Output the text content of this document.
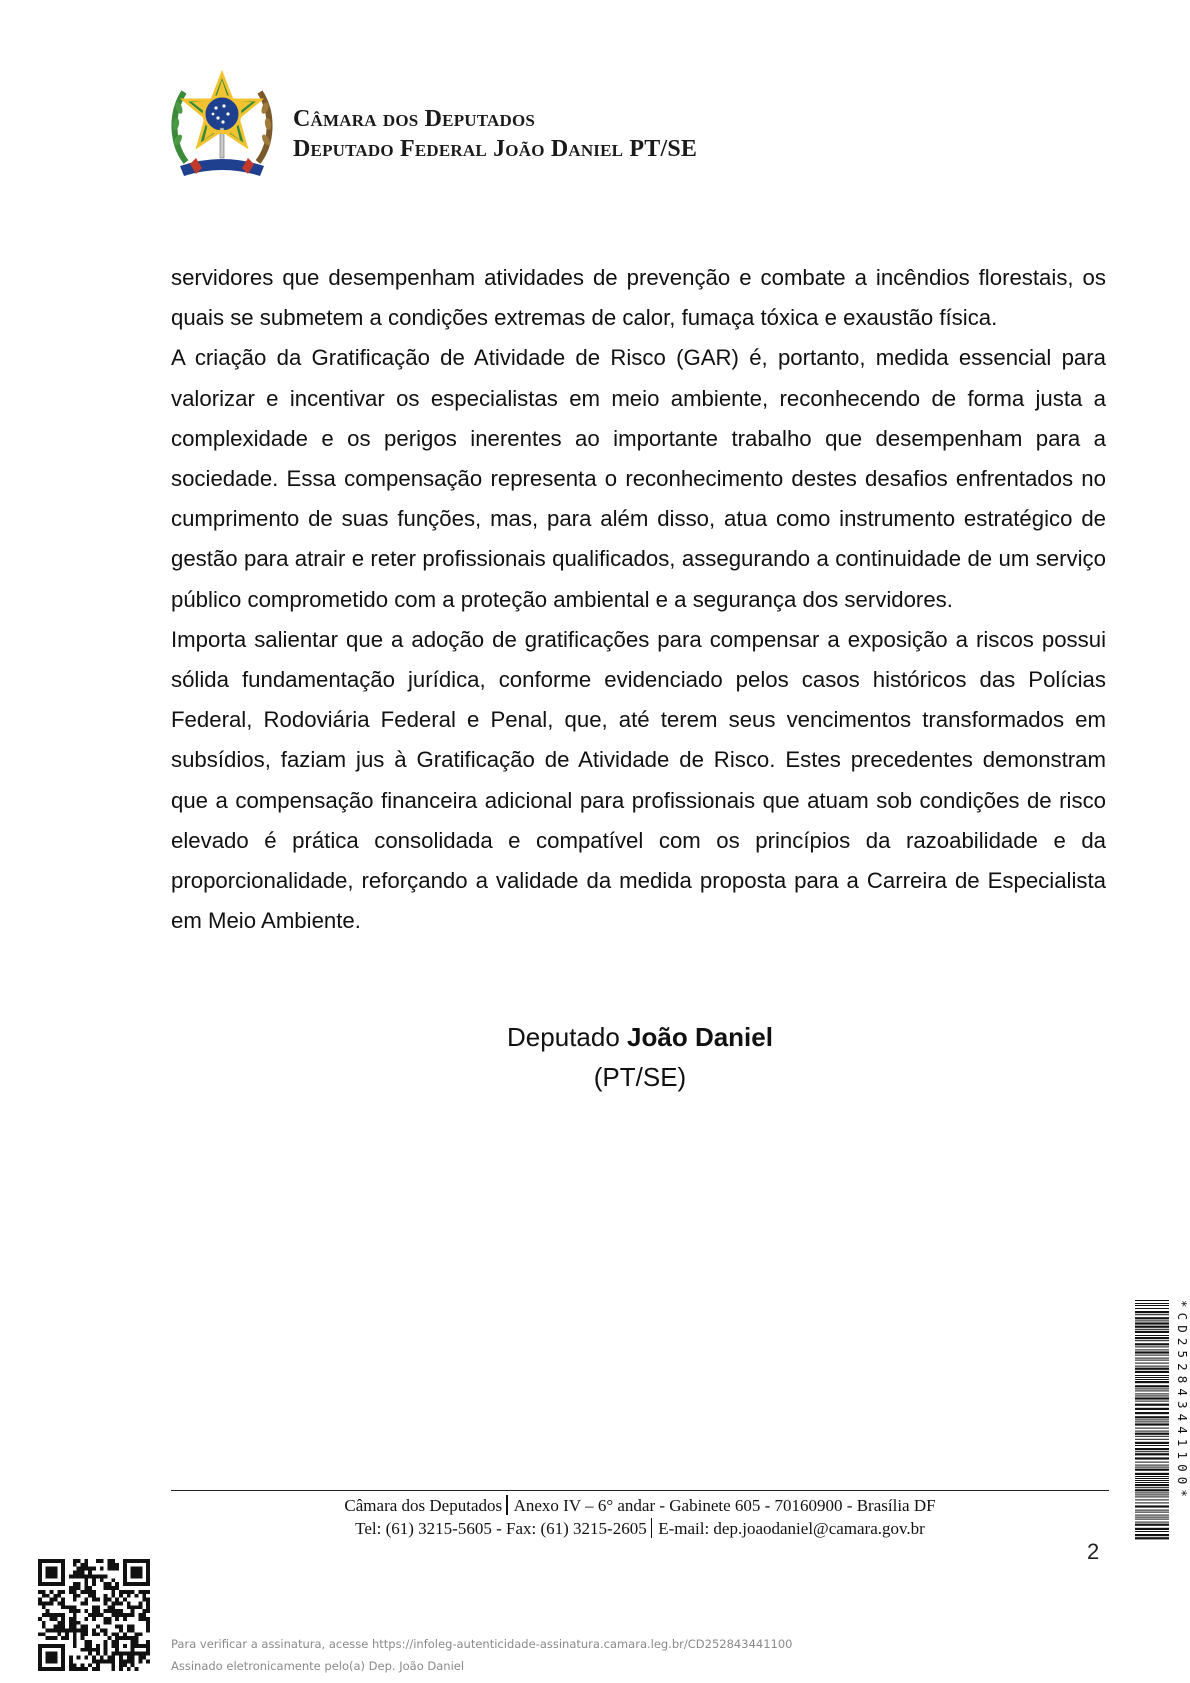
Câmara dos Deputados
Deputado Federal João Daniel PT/SE

servidores que desempenham atividades de prevenção e combate a incêndios florestais, os quais se submetem a condições extremas de calor, fumaça tóxica e exaustão física.

A criação da Gratificação de Atividade de Risco (GAR) é, portanto, medida essencial para valorizar e incentivar os especialistas em meio ambiente, reconhecendo de forma justa a complexidade e os perigos inerentes ao importante trabalho que desempenham para a sociedade. Essa compensação representa o reconhecimento destes desafios enfrentados no cumprimento de suas funções, mas, para além disso, atua como instrumento estratégico de gestão para atrair e reter profissionais qualificados, assegurando a continuidade de um serviço público comprometido com a proteção ambiental e a segurança dos servidores.

Importa salientar que a adoção de gratificações para compensar a exposição a riscos possui sólida fundamentação jurídica, conforme evidenciado pelos casos históricos das Polícias Federal, Rodoviária Federal e Penal, que, até terem seus vencimentos transformados em subsídios, faziam jus à Gratificação de Atividade de Risco. Estes precedentes demonstram que a compensação financeira adicional para profissionais que atuam sob condições de risco elevado é prática consolidada e compatível com os princípios da razoabilidade e da proporcionalidade, reforçando a validade da medida proposta para a Carreira de Especialista em Meio Ambiente.

Deputado João Daniel
(PT/SE)
Câmara dos Deputados Anexo IV – 6° andar - Gabinete 605 - 70160900 - Brasília DF
Tel: (61) 3215-5605 - Fax: (61) 3215-2605 E-mail: dep.joaodaniel@camara.gov.br
2
*CD252843441100*
Para verificar a assinatura, acesse https://infoleg-autenticidade-assinatura.camara.leg.br/CD252843441100
Assinado eletronicamente pelo(a) Dep. João Daniel
